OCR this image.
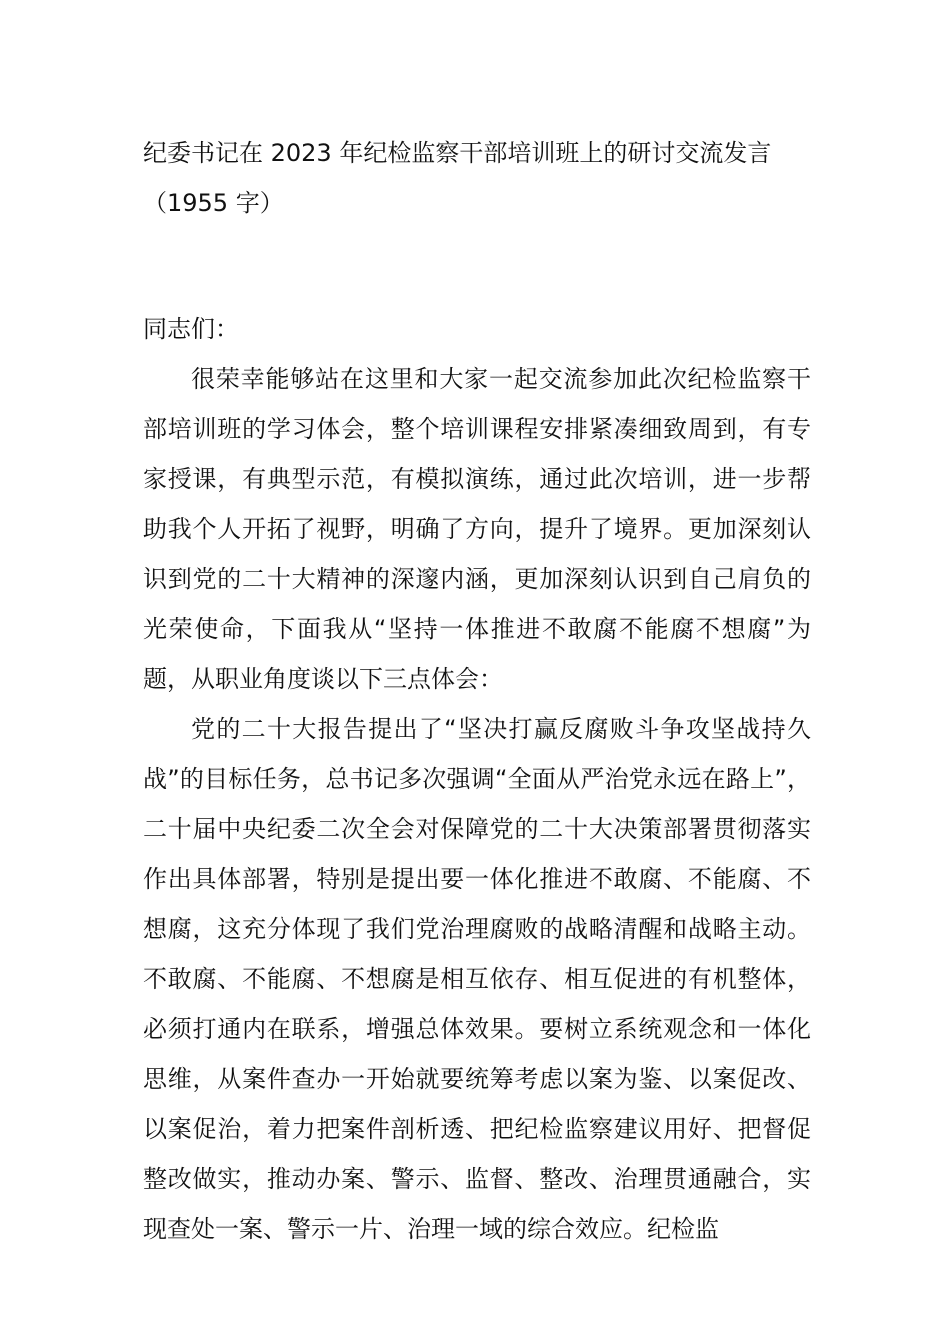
纪委书记在 2023 年纪检监察干部培训班上的研讨交流发言（1955 字）

同志们：

很荣幸能够站在这里和大家一起交流参加此次纪检监察干部培训班的学习体会，整个培训课程安排紧凑细致周到，有专家授课，有典型示范，有模拟演练，通过此次培训，进一步帮助我个人开拓了视野，明确了方向，提升了境界。更加深刻认识到党的二十大精神的深邃内涵，更加深刻认识到自己肩负的光荣使命，下面我从“坚持一体推进不敢腐不能腐不想腐”为题，从职业角度谈以下三点体会：

党的二十大报告提出了“坚决打赢反腐败斗争攻坚战持久战”的目标任务，总书记多次强调“全面从严治党永远在路上”，二十届中央纪委二次全会对保障党的二十大决策部署贯彻落实作出具体部署，特别是提出要一体化推进不敢腐、不能腐、不想腐，这充分体现了我们党治理腐败的战略清醒和战略主动。不敢腐、不能腐、不想腐是相互依存、相互促进的有机整体，必须打通内在联系，增强总体效果。要树立系统观念和一体化思维，从案件查办一开始就要统筹考虑以案为鉴、以案促改、以案促治，着力把案件剖析透、把纪检监察建议用好、把督促整改做实，推动办案、警示、监督、整改、治理贯通融合，实现查处一案、警示一片、治理一域的综合效应。纪检监
